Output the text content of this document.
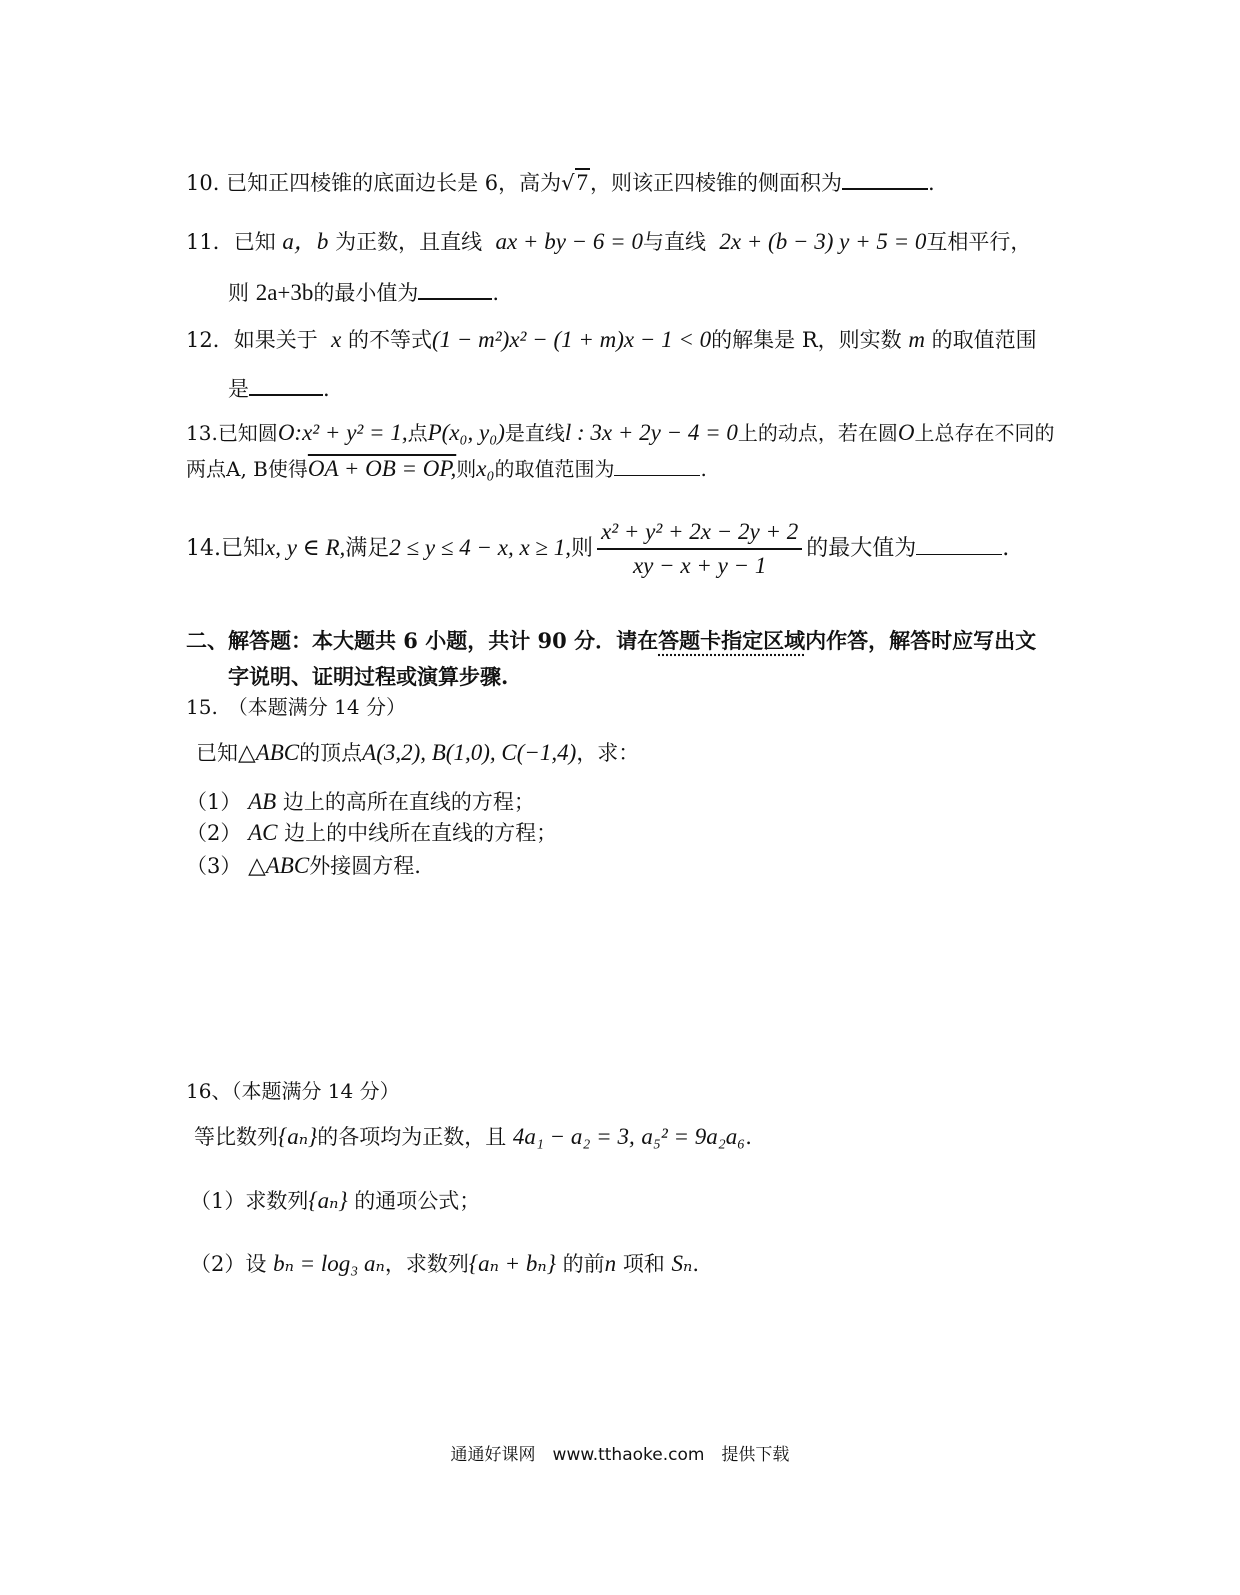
10. 已知正四棱锥的底面边长是 6，高为√7，则该正四棱锥的侧面积为	.
11．已知 a，b 为正数，且直线 ax + by − 6 = 0与直线 2x + (b − 3) y + 5 = 0互相平行，
则 2a+3b的最小值为	.
12．如果关于 x 的不等式(1 − m²)x² − (1 + m)x − 1 < 0的解集是 R，则实数 m 的取值范围
是	.
13.已知圆O:x² + y² = 1,点P(x₀, y₀)是直线l : 3x + 2y − 4 = 0上的动点，若在圆O上总存在不同的
两点A, B使得OA + OB = OP,则x₀的取值范围为	.
14.已知x, y ∈ R,满足2 ≤ y ≤ 4 − x, x ≥ 1,则 $\frac{\text{x² + y² + 2x − 2y + 2}}{xy - x + y - 1}$ 的最大值为	.
二、解答题：本大题共 6 小题，共计 90 分．请在答题卡指定区域内作答，解答时应写出文
字说明、证明过程或演算步骤.
15.　（本题满分 14 分）
已知△ABC的顶点A(3,2), B(1,0), C(−1,4)，求：
（1） AB 边上的高所在直线的方程；
（2） AC 边上的中线所在直线的方程；
（3） △ABC外接圆方程.
16、（本题满分 14 分）
等比数列{aₙ}的各项均为正数，且 4a₁ − a₂ = 3, a₅² = 9a₂a₆.
（1）求数列{aₙ} 的通项公式；
（2）设 bₙ = log₃ aₙ，求数列{aₙ + bₙ} 的前n 项和 Sₙ.
通通好课网　www.tthaoke.com　提供下载
